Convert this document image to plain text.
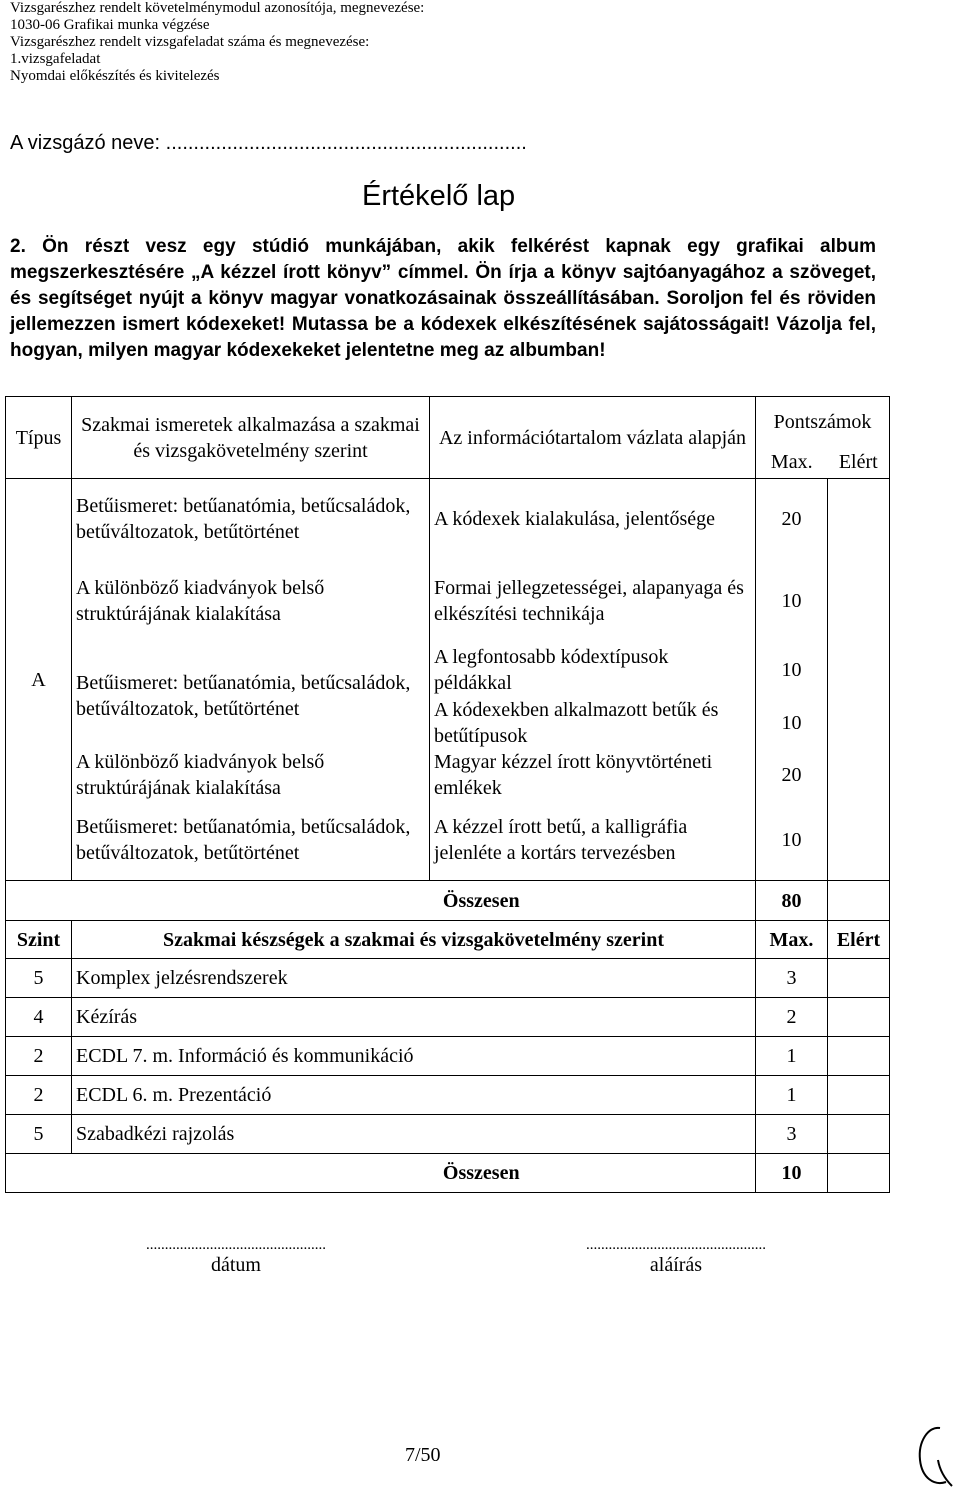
Vizsgarészhez rendelt követelménymodul azonosítója, megnevezése:
1030-06 Grafikai munka végzése
Vizsgarészhez rendelt vizsgafeladat száma és megnevezése:
1.vizsgafeladat
Nyomdai előkészítés és kivitelezés
A vizsgázó neve: .................................................................
Értékelő lap
2. Ön részt vesz egy stúdió munkájában, akik felkérést kapnak egy grafikai album megszerkesztésére „A kézzel írott könyv” címmel. Ön írja a könyv sajtóanyagához a szöveget, és segítséget nyújt a könyv magyar vonatkozásainak összeállításában. Soroljon fel és röviden jellemezzen ismert kódexeket! Mutassa be a kódexek elkészítésének sajátosságait! Vázolja fel, hogyan, milyen magyar kódexekeket jelentetne meg az albumban!
Típus	Szakmai ismeretek alkalmazása a szakmai és vizsgakövetelmény szerint	Az információtartalom vázlata alapján	Pontszámok	
			Max.	Elért
A	Betűismeret: betűanatómia, betűcsaládok, betűváltozatok, betűtörténet	A kódexek kialakulása, jelentősége	20	
	A különböző kiadványok belső struktúrájának kialakítása	Formai jellegzetességei, alapanyaga és elkészítési technikája	10	
	Betűismeret: betűanatómia, betűcsaládok, betűváltozatok, betűtörténet	A legfontosabb kódextípusok példákkal	10	
		A kódexekben alkalmazott betűk és betűtípusok	10	
	A különböző kiadványok belső struktúrájának kialakítása	Magyar kézzel írott könyvtörténeti emlékek	20	
	Betűismeret: betűanatómia, betűcsaládok, betűváltozatok, betűtörténet	A kézzel írott betű, a kalligráfia jelenléte a kortárs tervezésben	10	
	Összesen		80	
Szint	Szakmai készségek a szakmai és vizsgakövetelmény szerint		Max.	Elért
5	Komplex jelzésrendszerek		3	
4	Kézírás		2	
2	ECDL 7. m. Információ és kommunikáció		1	
2	ECDL 6. m. Prezentáció		1	
5	Szabadkézi rajzolás		3	
	Összesen		10	
................................................
dátum
................................................
aláírás
7/50
